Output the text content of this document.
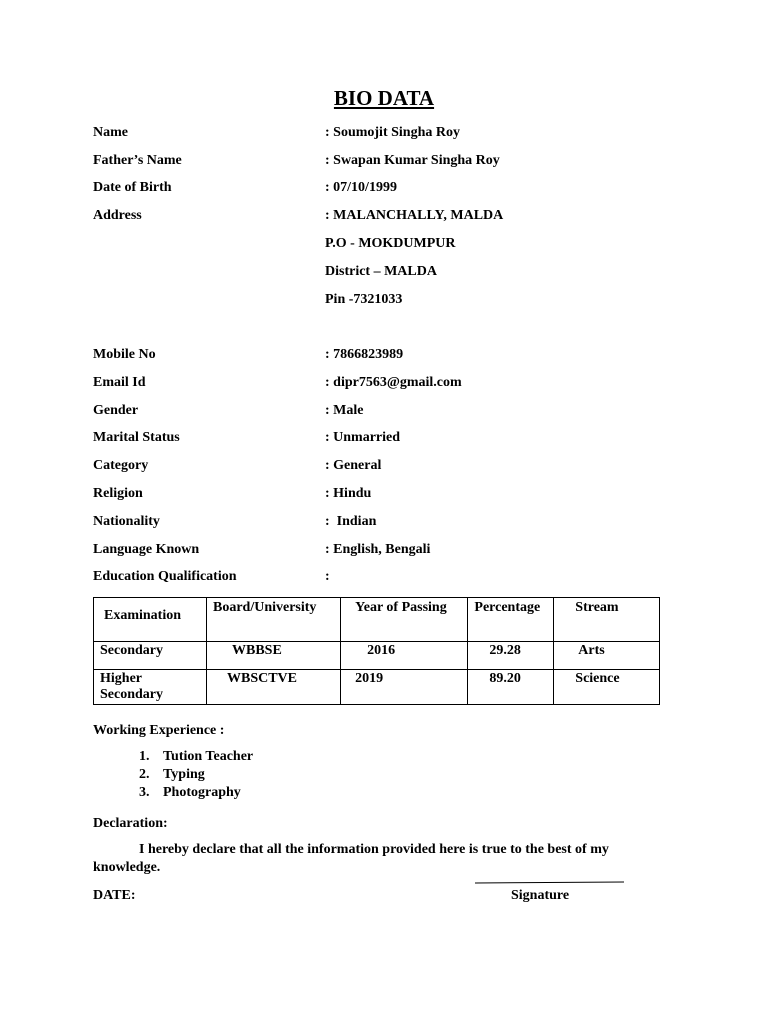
BIO DATA
Name	: Soumojit Singha Roy
Father’s Name	: Swapan Kumar Singha Roy
Date of Birth	: 07/10/1999
Address	: MALANCHALLY, MALDA
P.O - MOKDUMPUR
District – MALDA
Pin -7321033
Mobile No	: 7866823989
Email Id	: dipr7563@gmail.com
Gender	: Male
Marital Status	: Unmarried
Category	: General
Religion	: Hindu
Nationality	:  Indian
Language Known	: English, Bengali
Education Qualification	:
Examination	Board/University	Year of Passing	Percentage	Stream
Secondary	WBBSE	2016	29.28	Arts
Higher Secondary	WBSCTVE	2019	89.20	Science
Working Experience :
1. Tution Teacher
2. Typing
3. Photography
Declaration:
I hereby declare that all the information provided here is true to the best of my knowledge.
DATE:	Signature
